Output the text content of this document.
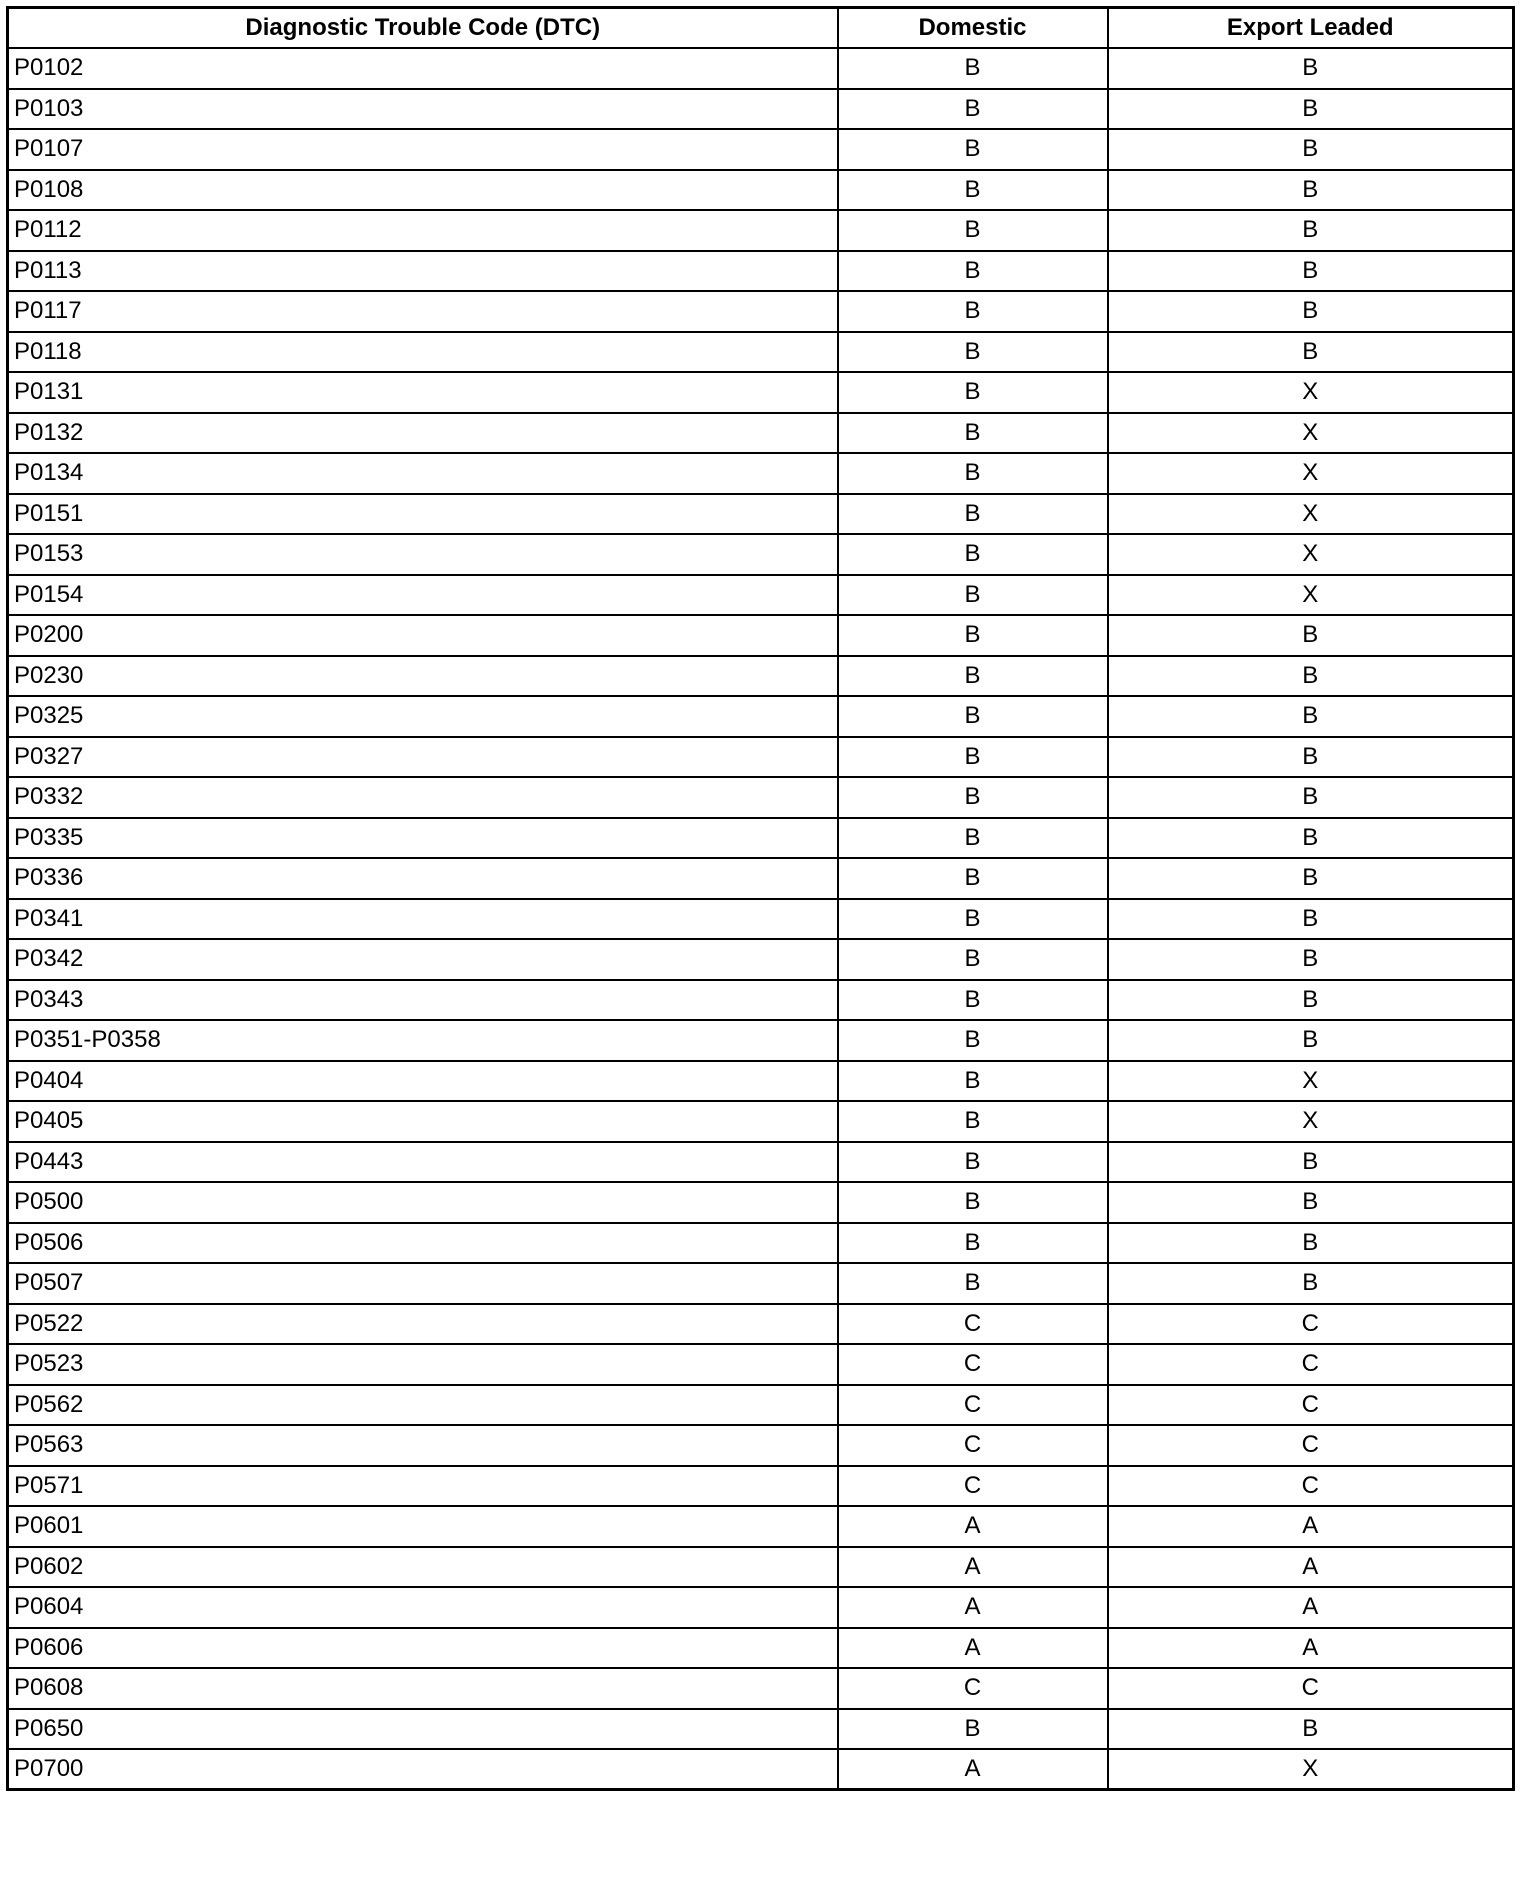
Diagnostic Trouble Code (DTC)	Domestic	Export Leaded
P0102	B	B
P0103	B	B
P0107	B	B
P0108	B	B
P0112	B	B
P0113	B	B
P0117	B	B
P0118	B	B
P0131	B	X
P0132	B	X
P0134	B	X
P0151	B	X
P0153	B	X
P0154	B	X
P0200	B	B
P0230	B	B
P0325	B	B
P0327	B	B
P0332	B	B
P0335	B	B
P0336	B	B
P0341	B	B
P0342	B	B
P0343	B	B
P0351-P0358	B	B
P0404	B	X
P0405	B	X
P0443	B	B
P0500	B	B
P0506	B	B
P0507	B	B
P0522	C	C
P0523	C	C
P0562	C	C
P0563	C	C
P0571	C	C
P0601	A	A
P0602	A	A
P0604	A	A
P0606	A	A
P0608	C	C
P0650	B	B
P0700	A	X
